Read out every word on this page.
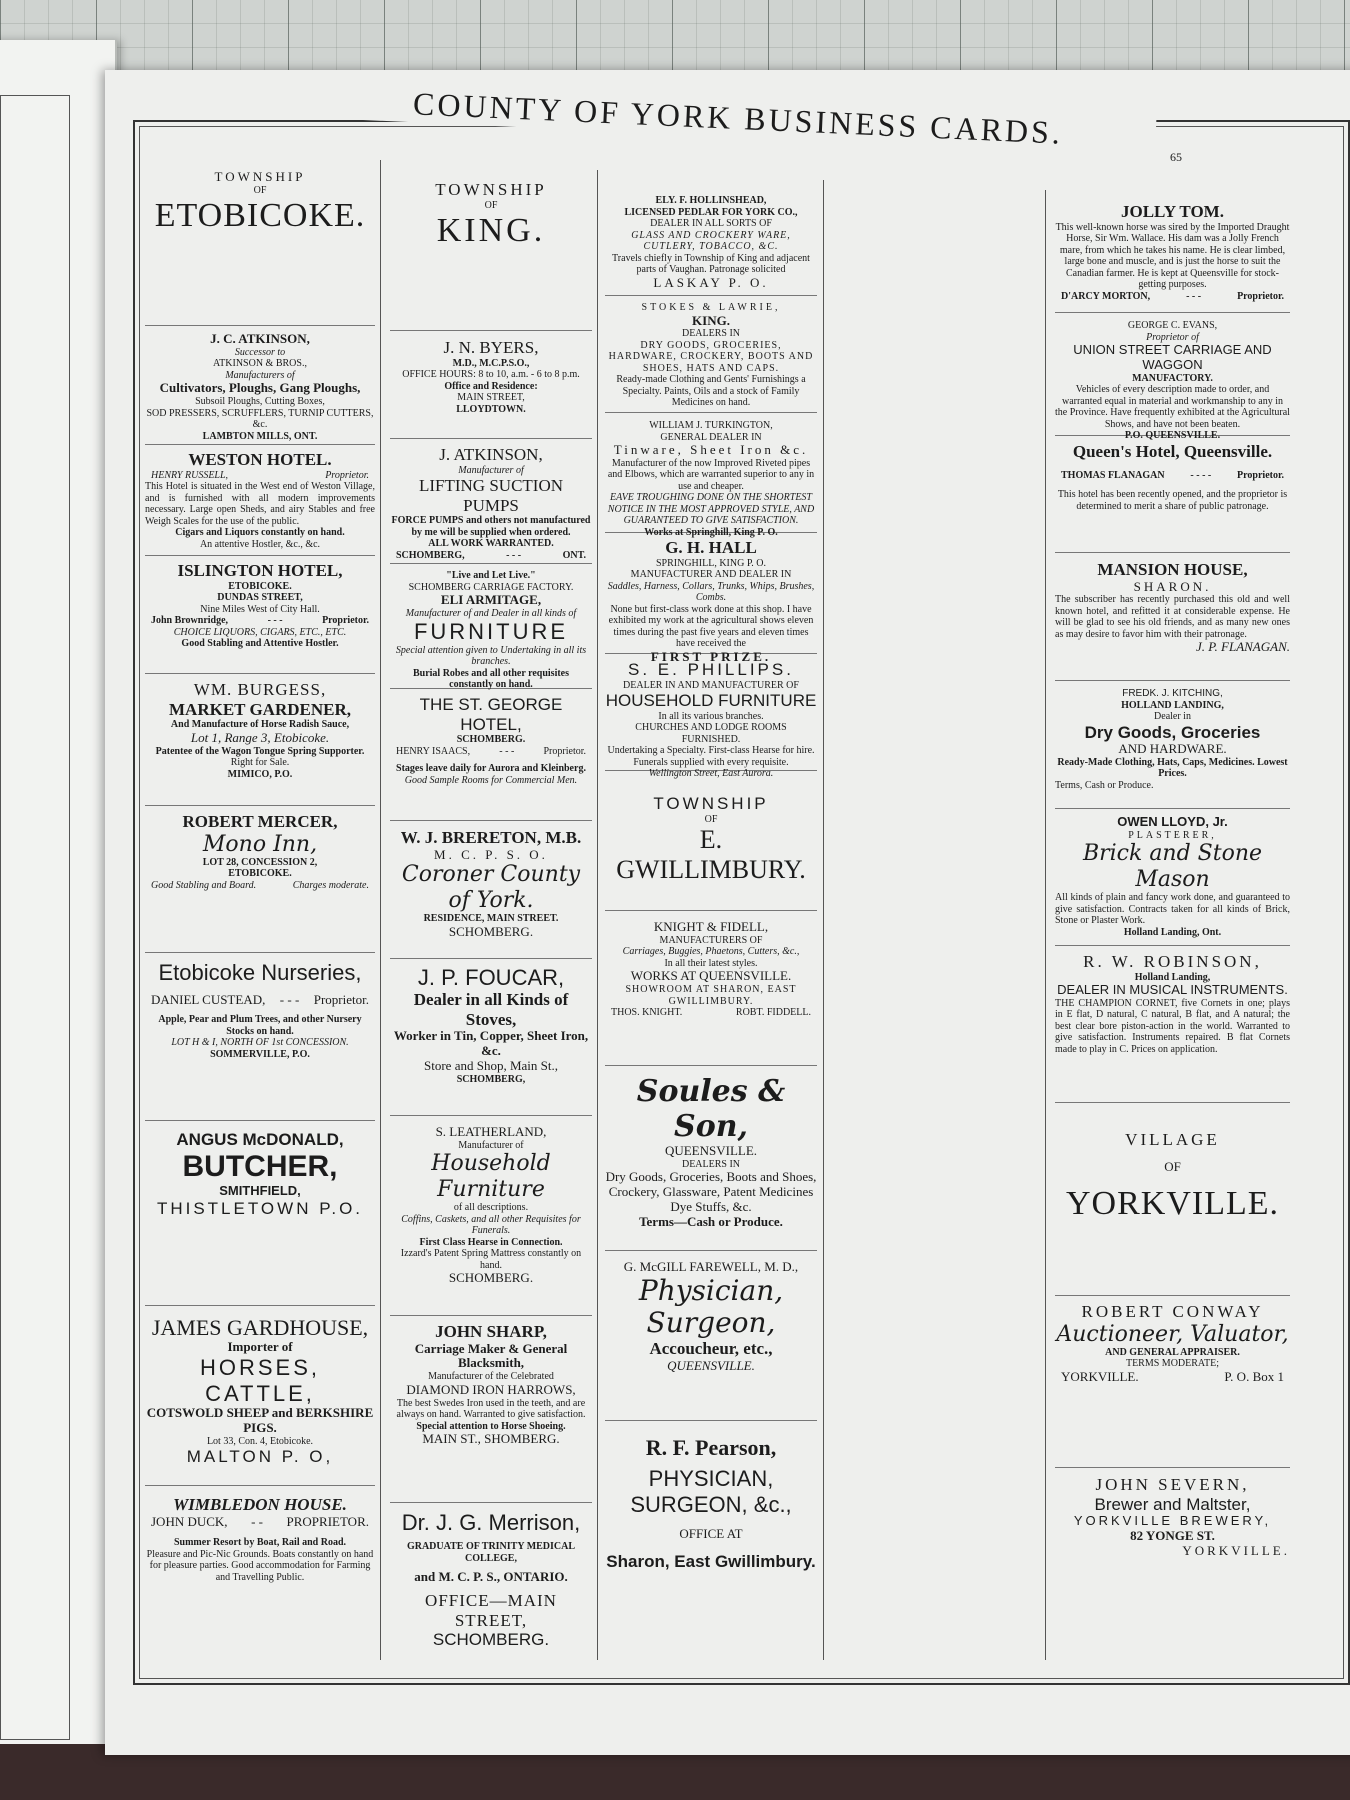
COUNTY OF YORK BUSINESS CARDS.
65
TOWNSHIP
OF
ETOBICOKE.
J. C. ATKINSON,
Successor to
ATKINSON & BROS.,
Manufacturers of
Cultivators, Ploughs, Gang Ploughs,
Subsoil Ploughs, Cutting Boxes,
SOD PRESSERS, SCRUFFLERS, TURNIP CUTTERS, &c.
LAMBTON MILLS, ONT.
WESTON HOTEL.
HENRY RUSSELL,	Proprietor.
This Hotel is situated in the West end of Weston Village, and is furnished with all modern improvements necessary. Large open Sheds, and airy Stables and free Weigh Scales for the use of the public.
Cigars and Liquors constantly on hand.
An attentive Hostler, &c., &c.
ISLINGTON HOTEL,
ETOBICOKE.
DUNDAS STREET,
Nine Miles West of City Hall.
John Brownridge,	- - -	Proprietor.
CHOICE LIQUORS, CIGARS, ETC., ETC.
Good Stabling and Attentive Hostler.
WM. BURGESS,
MARKET GARDENER,
And Manufacture of Horse Radish Sauce,
Lot 1, Range 3, Etobicoke.
Patentee of the Wagon Tongue Spring Supporter.
Right for Sale.
MIMICO, P.O.
ROBERT MERCER,
Mono Inn,
LOT 28, CONCESSION 2,
ETOBICOKE.
Good Stabling and Board.	Charges moderate.
Etobicoke Nurseries,
DANIEL CUSTEAD, - - - Proprietor.
Apple, Pear and Plum Trees, and other Nursery Stocks on hand.
LOT H & I, NORTH OF 1st CONCESSION.
SOMMERVILLE, P.O.
ANGUS McDONALD,
BUTCHER,
SMITHFIELD,
THISTLETOWN P.O.
JAMES GARDHOUSE,
Importer of
HORSES, CATTLE,
COTSWOLD SHEEP and BERKSHIRE PIGS.
Lot 33, Con. 4, Etobicoke.
MALTON P. O,
WIMBLEDON HOUSE.
JOHN DUCK, - - PROPRIETOR.
Summer Resort by Boat, Rail and Road.
Pleasure and Pic-Nic Grounds. Boats constantly on hand for pleasure parties. Good accommodation for Farming and Travelling Public.
TOWNSHIP
OF
KING.
J. N. BYERS,
M.D., M.C.P.S.O.,
OFFICE HOURS: 8 to 10, a.m. - 6 to 8 p.m.
Office and Residence:
MAIN STREET,
LLOYDTOWN.
J. ATKINSON,
Manufacturer of
LIFTING SUCTION PUMPS
FORCE PUMPS and others not manufactured by me will be supplied when ordered.
ALL WORK WARRANTED.
SCHOMBERG,	- - -	ONT.
"Live and Let Live."
SCHOMBERG CARRIAGE FACTORY.
ELI ARMITAGE,
Manufacturer of and Dealer in all kinds of
FURNITURE
Special attention given to Undertaking in all its branches.
Burial Robes and all other requisites constantly on hand.
THE ST. GEORGE HOTEL,
SCHOMBERG.
HENRY ISAACS,	- - -	Proprietor.
Stages leave daily for Aurora and Kleinberg.
Good Sample Rooms for Commercial Men.
W. J. BRERETON, M.B.
M. C. P. S. O.
Coroner County of York.
RESIDENCE, MAIN STREET.
SCHOMBERG.
J. P. FOUCAR,
Dealer in all Kinds of Stoves,
Worker in Tin, Copper, Sheet Iron, &c.
Store and Shop, Main St.,
SCHOMBERG,
S. LEATHERLAND,
Manufacturer of
Household Furniture
of all descriptions.
Coffins, Caskets, and all other Requisites for Funerals.
First Class Hearse in Connection.
Izzard's Patent Spring Mattress constantly on hand.
SCHOMBERG.
JOHN SHARP,
Carriage Maker & General Blacksmith,
Manufacturer of the Celebrated
DIAMOND IRON HARROWS,
The best Swedes Iron used in the teeth, and are always on hand. Warranted to give satisfaction.
Special attention to Horse Shoeing.
MAIN ST., SHOMBERG.
Dr. J. G. Merrison,
GRADUATE OF TRINITY MEDICAL COLLEGE,
and M. C. P. S., ONTARIO.
OFFICE—MAIN STREET,
SCHOMBERG.
ELY. F. HOLLINSHEAD,
LICENSED PEDLAR FOR YORK CO.,
DEALER IN ALL SORTS OF
GLASS AND CROCKERY WARE,
CUTLERY, TOBACCO, &C.
Travels chiefly in Township of King and adjacent parts of Vaughan. Patronage solicited
LASKAY P. O.
STOKES & LAWRIE,
KING.
DEALERS IN
DRY GOODS, GROCERIES, HARDWARE, CROCKERY, BOOTS AND SHOES, HATS AND CAPS.
Ready-made Clothing and Gents' Furnishings a Specialty. Paints, Oils and a stock of Family Medicines on hand.
WILLIAM J. TURKINGTON,
GENERAL DEALER IN
Tinware, Sheet Iron &c.
Manufacturer of the now Improved Riveted pipes and Elbows, which are warranted superior to any in use and cheaper.
EAVE TROUGHING DONE ON THE SHORTEST NOTICE IN THE MOST APPROVED STYLE, AND GUARANTEED TO GIVE SATISFACTION.
Works at Springhill, King P. O.
G. H. HALL
SPRINGHILL, KING P. O.
MANUFACTURER AND DEALER IN
Saddles, Harness, Collars, Trunks, Whips, Brushes, Combs.
None but first-class work done at this shop. I have exhibited my work at the agricultural shows eleven times during the past five years and eleven times have received the
FIRST PRIZE.
S. E. PHILLIPS.
DEALER IN AND MANUFACTURER OF
HOUSEHOLD FURNITURE
In all its various branches.
CHURCHES AND LODGE ROOMS FURNISHED.
Undertaking a Specialty. First-class Hearse for hire. Funerals supplied with every requisite.
Wellington Street, East Aurora.
TOWNSHIP
OF
E. GWILLIMBURY.
KNIGHT & FIDELL,
MANUFACTURERS OF
Carriages, Buggies, Phaetons, Cutters, &c.,
In all their latest styles.
WORKS AT QUEENSVILLE.
SHOWROOM AT SHARON, EAST GWILLIMBURY.
THOS. KNIGHT.	ROBT. FIDDELL.
Soules & Son,
QUEENSVILLE.
DEALERS IN
Dry Goods, Groceries, Boots and Shoes, Crockery, Glassware, Patent Medicines Dye Stuffs, &c.
Terms—Cash or Produce.
G. McGILL FAREWELL, M. D.,
Physician, Surgeon,
Accoucheur, etc.,
QUEENSVILLE.
R. F. Pearson,
PHYSICIAN, SURGEON, &c.,
OFFICE AT
Sharon, East Gwillimbury.
JOLLY TOM.
This well-known horse was sired by the Imported Draught Horse, Sir Wm. Wallace. His dam was a Jolly French mare, from which he takes his name. He is clear limbed, large bone and muscle, and is just the horse to suit the Canadian farmer. He is kept at Queensville for stock-getting purposes.
D'ARCY MORTON,	- - -	Proprietor.
GEORGE C. EVANS,
Proprietor of
UNION STREET CARRIAGE AND WAGGON
MANUFACTORY.
Vehicles of every description made to order, and warranted equal in material and workmanship to any in the Province. Have frequently exhibited at the Agricultural Shows, and have not been beaten.
P.O. QUEENSVILLE.
Queen's Hotel, Queensville.
THOMAS FLANAGAN	- - - -	Proprietor.
This hotel has been recently opened, and the proprietor is determined to merit a share of public patronage.
MANSION HOUSE,
SHARON.
The subscriber has recently purchased this old and well known hotel, and refitted it at considerable expense. He will be glad to see his old friends, and as many new ones as may desire to favor him with their patronage.
J. P. FLANAGAN.
FREDK. J. KITCHING,
HOLLAND LANDING,
Dealer in
Dry Goods, Groceries
AND HARDWARE.
Ready-Made Clothing, Hats, Caps, Medicines. Lowest Prices.
Terms, Cash or Produce.
OWEN LLOYD, Jr.
PLASTERER,
Brick and Stone Mason
All kinds of plain and fancy work done, and guaranteed to give satisfaction. Contracts taken for all kinds of Brick, Stone or Plaster Work.
Holland Landing, Ont.
R. W. ROBINSON,
Holland Landing,
DEALER IN MUSICAL INSTRUMENTS.
THE CHAMPION CORNET, five Cornets in one; plays in E flat, D natural, C natural, B flat, and A natural; the best clear bore piston-action in the world. Warranted to give satisfaction. Instruments repaired. B flat Cornets made to play in C. Prices on application.
VILLAGE
OF
YORKVILLE.
ROBERT CONWAY
Auctioneer, Valuator,
AND GENERAL APPRAISER.
TERMS MODERATE;
YORKVILLE.	P. O. Box 1
JOHN SEVERN,
Brewer and Maltster,
YORKVILLE BREWERY,
82 YONGE ST.
YORKVILLE.
